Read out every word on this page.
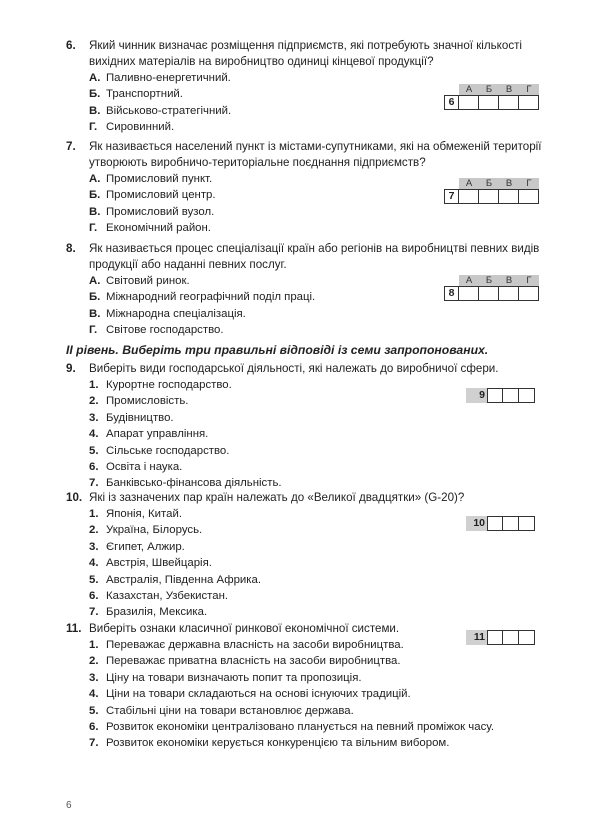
6.	Який чинник визначає розміщення підприємств, які потребують значної кількості вихідних матеріалів на виробництво одиниці кінцевої продукції?
А. Паливно-енергетичний.
Б. Транспортний.
В. Військово-стратегічний.
Г. Сировинний.
А	Б	В	Г
6
7.	Як називається населений пункт із містами-супутниками, які на обмеженій території утворюють виробничо-територіальне поєднання підприємств?
А. Промисловий пункт.
Б. Промисловий центр.
В. Промисловий вузол.
Г. Економічний район.
А	Б	В	Г
7
8.	Як називається процес спеціалізації країн або регіонів на виробництві певних видів продукції або наданні певних послуг.
А. Світовий ринок.
Б. Міжнародний географічний поділ праці.
В. Міжнародна спеціалізація.
Г. Світове господарство.
А	Б	В	Г
8
ІІ рівень. Виберіть три правильні відповіді із семи запропонованих.
9.	Виберіть види господарської діяльності, які належать до виробничої сфери.
1. Курортне господарство.
2. Промисловість.
3. Будівництво.
4. Апарат управління.
5. Сільське господарство.
6. Освіта і наука.
7. Банківсько-фінансова діяльність.
9
10. Які із зазначених пар країн належать до «Великої двадцятки» (G-20)?
1. Японія, Китай.
2. Україна, Білорусь.
3. Єгипет, Алжир.
4. Австрія, Швейцарія.
5. Австралія, Південна Африка.
6. Казахстан, Узбекистан.
7. Бразилія, Мексика.
10
11. Виберіть ознаки класичної ринкової економічної системи.
1. Переважає державна власність на засоби виробництва.
2. Переважає приватна власність на засоби виробництва.
3. Ціну на товари визначають попит та пропозиція.
4. Ціни на товари складаються на основі існуючих традицій.
5. Стабільні ціни на товари встановлює держава.
6. Розвиток економіки централізовано планується на певний проміжок часу.
7. Розвиток економіки керується конкуренцією та вільним вибором.
11
6
